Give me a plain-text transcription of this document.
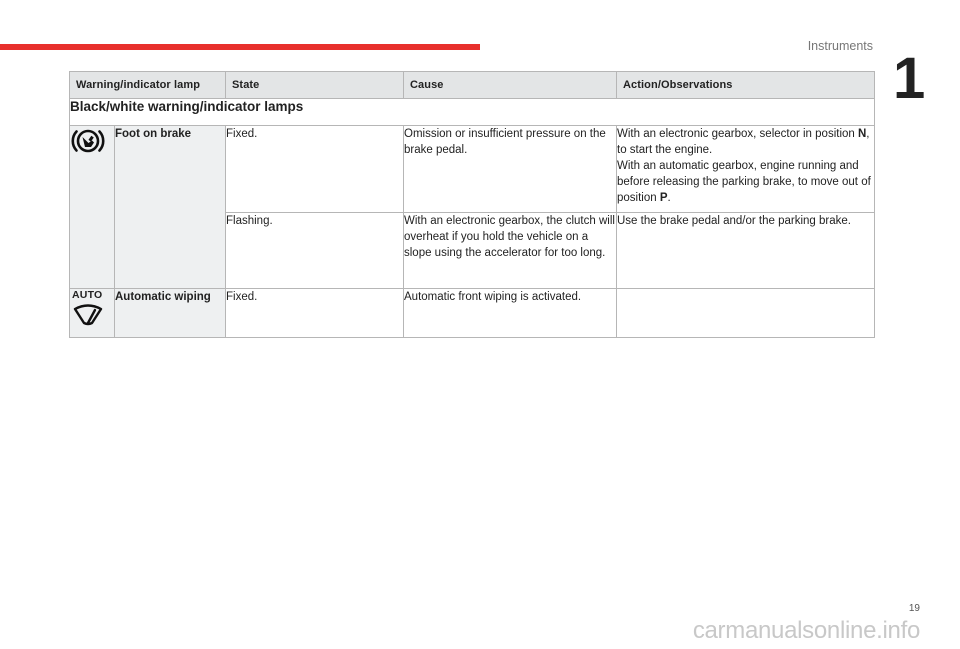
Instruments 1
Warning/indicator lamp		State	Cause	Action/Observations
Black/white warning/indicator lamps				

	Foot on brake	Fixed.	Omission or insufficient pressure on the brake pedal.	With an electronic gearbox, selector in position N, to start the engine.
With an automatic gearbox, engine running and before releasing the parking brake, to move out of position P.
		Flashing.	With an electronic gearbox, the clutch will overheat if you hold the vehicle on a slope using the accelerator for too long.	Use the brake pedal and/or the parking brake.

AUTO	Automatic wiping	Fixed.	Automatic front wiping is activated.	
19
carmanualsonline.info
